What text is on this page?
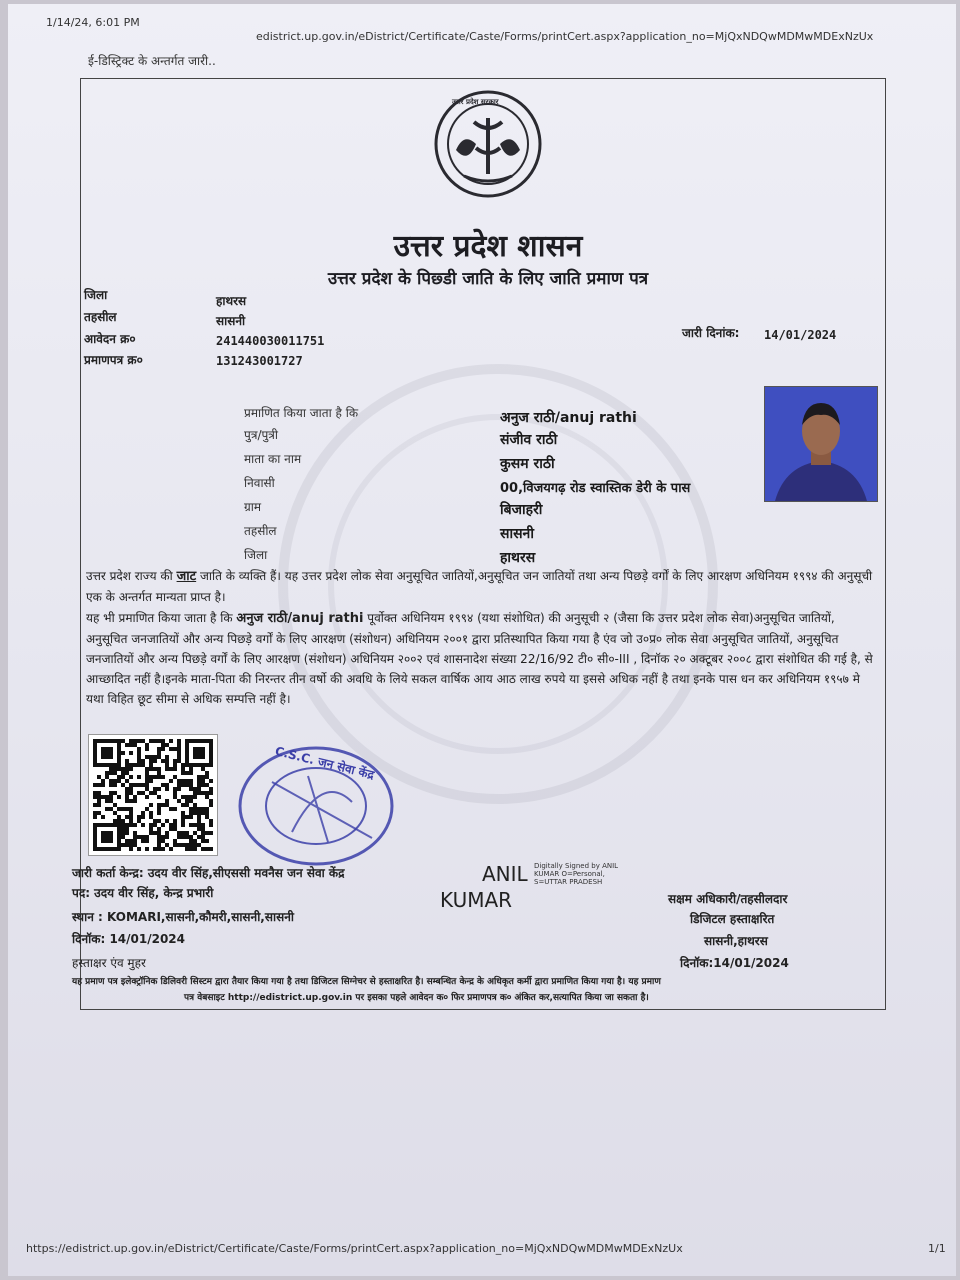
1/14/24, 6:01 PM
edistrict.up.gov.in/eDistrict/Certificate/Caste/Forms/printCert.aspx?application_no=MjQxNDQwMDMwMDExNzUx
ई-डिस्ट्रिक्ट के अन्तर्गत जारी..
उत्तर प्रदेश सरकार
उत्तर प्रदेश शासन
उत्तर प्रदेश के पिछ्डी जाति के लिए जाति प्रमाण पत्र
जिला	हाथरस
तहसील	सासनी
आवेदन क्र०	241440030011751
प्रमाणपत्र क्र०	131243001727
जारी दिनांक: 14/01/2024
प्रमाणित किया जाता है कि	अनुज राठी/anuj rathi
पुत्र/पुत्री	संजीव राठी
माता का नाम	कुसम राठी
निवासी	00,विजयगढ़ रोड स्वास्तिक डेरी के पास
ग्राम	बिजाहरी
तहसील	सासनी
जिला	हाथरस
उत्तर प्रदेश राज्य की जाट जाति के व्यक्ति हैं। यह उत्तर प्रदेश लोक सेवा अनुसूचित जातियों,अनुसूचित जन जातियों तथा अन्य पिछड़े वर्गों के लिए आरक्षण अधिनियम १९९४ की अनुसूची एक के अन्तर्गत मान्यता प्राप्त है।
यह भी प्रमाणित किया जाता है कि अनुज राठी/anuj rathi पूर्वोक्त अधिनियम १९९४ (यथा संशोधित) की अनुसूची २ (जैसा कि उत्तर प्रदेश लोक सेवा)अनुसूचित जातियों, अनुसूचित जनजातियों और अन्य पिछड़े वर्गों के लिए आरक्षण (संशोधन) अधिनियम २००१ द्वारा प्रतिस्थापित किया गया है एंव जो उ०प्र० लोक सेवा अनुसूचित जातियों, अनुसूचित जनजातियों और अन्य पिछड़े वर्गों के लिए आरक्षण (संशोधन) अधिनियम २००२ एवं शासनादेश संख्या 22/16/92 टी० सी०-III , दिनॉक २० अक्टूबर २००८ द्वारा संशोधित की गई है, से आच्छादित नहीं है।इनके माता-पिता की निरन्तर तीन वर्षो की अवधि के लिये सकल वार्षिक आय आठ लाख रुपये या इससे अधिक नहीं है तथा इनके पास धन कर अधिनियम १९५७ मे यथा विहित छूट सीमा से अधिक सम्पत्ति नहीं है।
C.S.C. जन सेवा केंद्र
जारी कर्ता केन्द्र: उदय वीर सिंह,सीएससी मवनैस जन सेवा केंद्र
पद: उदय वीर सिंह, केन्द्र प्रभारी
स्थान : KOMARI,सासनी,कौमरी,सासनी,सासनी
दिनॉक: 14/01/2024
हस्ताक्षर एंव मुहर
ANIL
KUMAR
Digitally Signed by ANIL KUMAR O=Personal, S=UTTAR PRADESH
सक्षम अधिकारी/तहसीलदार
डिजिटल हस्ताक्षरित
सासनी,हाथरस
दिनॉक:14/01/2024
यह प्रमाण पत्र इलेक्ट्रॉनिक डिलिवरी सिस्टम द्वारा तैयार किया गया है तथा डिजिटल सिग्नेचर से हस्ताक्षरित है। सम्बन्धित केन्द्र के अधिकृत कर्मी द्वारा प्रमाणित किया गया है। यह प्रमाण
पत्र वेबसाइट http://edistrict.up.gov.in पर इसका पहले आवेदन क० फिर प्रमाणपत्र क० अंकित कर,सत्यापित किया जा सकता है।
https://edistrict.up.gov.in/eDistrict/Certificate/Caste/Forms/printCert.aspx?application_no=MjQxNDQwMDMwMDExNzUx	1/1
